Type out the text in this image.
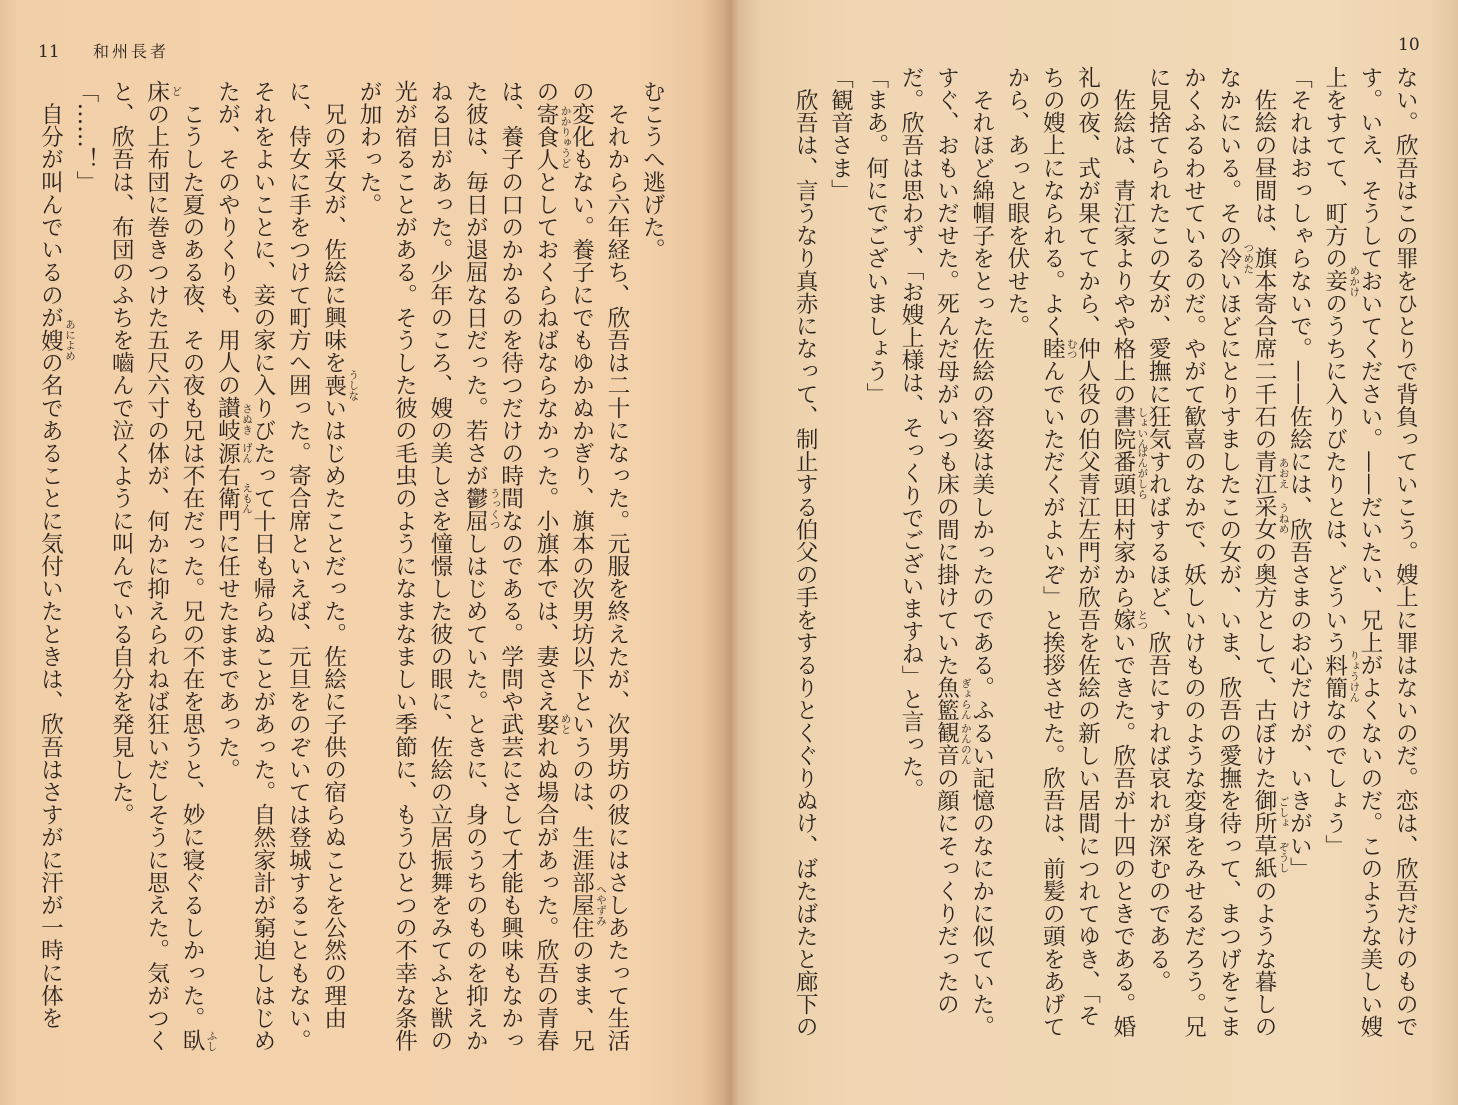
11 和州長者
むこうへ逃げた。
　それから六年経ち、欣吾は二十になった。元服を終えたが、次男坊の彼にはさしあたって生活
の変化もない。養子にでもゆかぬかぎり、旗本の次男坊以下というのは、生涯部屋住 へやずみ
のまま、兄
の寄食人 かかりゅうど
としておくらねばならなかった。小旗本では、妻さえ娶 めと
れぬ場合があった。欣吾の青春
は、養子の口のかかるのを待つだけの時間なのである。学問や武芸にさして才能も興味もなかっ
た彼は、毎日が退屈な日だった。若さが鬱屈 うっくつ
しはじめていた。ときに、身のうちのものを抑えか
ねる日があった。少年のころ、嫂の美しさを憧憬した彼の眼に、佐絵の立居振舞をみてふと獣の
光が宿ることがある。そうした彼の毛虫のようになまなましい季節に、もうひとつの不幸な条件
が加わった。
　兄の采女が、佐絵に興味を喪 うしな
いはじめたことだった。佐絵に子供の宿らぬことを公然の理由
に、侍女に手をつけて町方へ囲った。寄合席といえば、元旦をのぞいては登城することもない。
それをよいことに、妾の家に入りびたって十日も帰らぬことがあった。自然家計が窮迫しはじめ
たが、そのやりくりも、用人の讃岐 さぬき
源 げん
右衛門 えもん
に任せたままであった。
　こうした夏のある夜、その夜も兄は不在だった。兄の不在を思うと、妙に寝ぐるしかった。臥 ふし
床 ど
の上布団に巻きつけた五尺六寸の体が、何かに抑えられねば狂いだしそうに思えた。気がつく
と、欣吾は、布団のふちを嚙んで泣くように叫んでいる自分を発見した。
「……！」
　自分が叫んでいるのが嫂 あによめ
の名であることに気付いたときは、欣吾はさすがに汗が一時に体を
10
ない。欣吾はこの罪をひとりで背負っていこう。嫂上に罪はないのだ。恋は、欣吾だけのもので
す。いえ、そうしておいてください。——だいたい、兄上がよくないのだ。このような美しい嫂
上をすてて、町方の妾 めかけ
のうちに入りびたりとは、どういう料簡 りょうけん
なのでしょう」
「それはおっしゃらないで。——佐絵には、欣吾さまのお心だけが、いきがい」
　佐絵の昼間は、旗本寄合席二千石の青江 あおえ
采女 うねめ
の奥方として、古ぼけた御所 ごしょ
草紙 ぞうし
のような暮しの
なかにいる。その冷 つめた
いほどにとりすましたこの女が、いま、欣吾の愛撫を待って、まつげをこま
かくふるわせているのだ。やがて歓喜のなかで、妖しいけもののような変身をみせるだろう。兄
に見捨てられたこの女が、愛撫に狂気すればするほど、欣吾にすれば哀れが深むのである。
　佐絵は、青江家よりやや格上の書院 しょいん
番頭 ばんがしら
田村家から嫁 とつ
いできた。欣吾が十四のときである。婚
礼の夜、式が果ててから、仲人役の伯父青江左門が欣吾を佐絵の新しい居間につれてゆき、「そ
ちの嫂上になられる。よく睦 むつ
んでいただくがよいぞ」と挨拶させた。欣吾は、前髪の頭をあげて
から、あっと眼を伏せた。
　それほど綿帽子をとった佐絵の容姿は美しかったのである。ふるい記憶のなにかに似ていた。
すぐ、おもいだせた。死んだ母がいつも床の間に掛けていた魚籃 ぎょらん
観音 かんのん
の顔にそっくりだったの
だ。欣吾は思わず、「お嫂上様は、そっくりでございますね」と言った。
「まあ。何にでございましょう」
「観音さま」
　欣吾は、言うなり真赤になって、制止する伯父の手をするりとくぐりぬけ、ばたばたと廊下の
